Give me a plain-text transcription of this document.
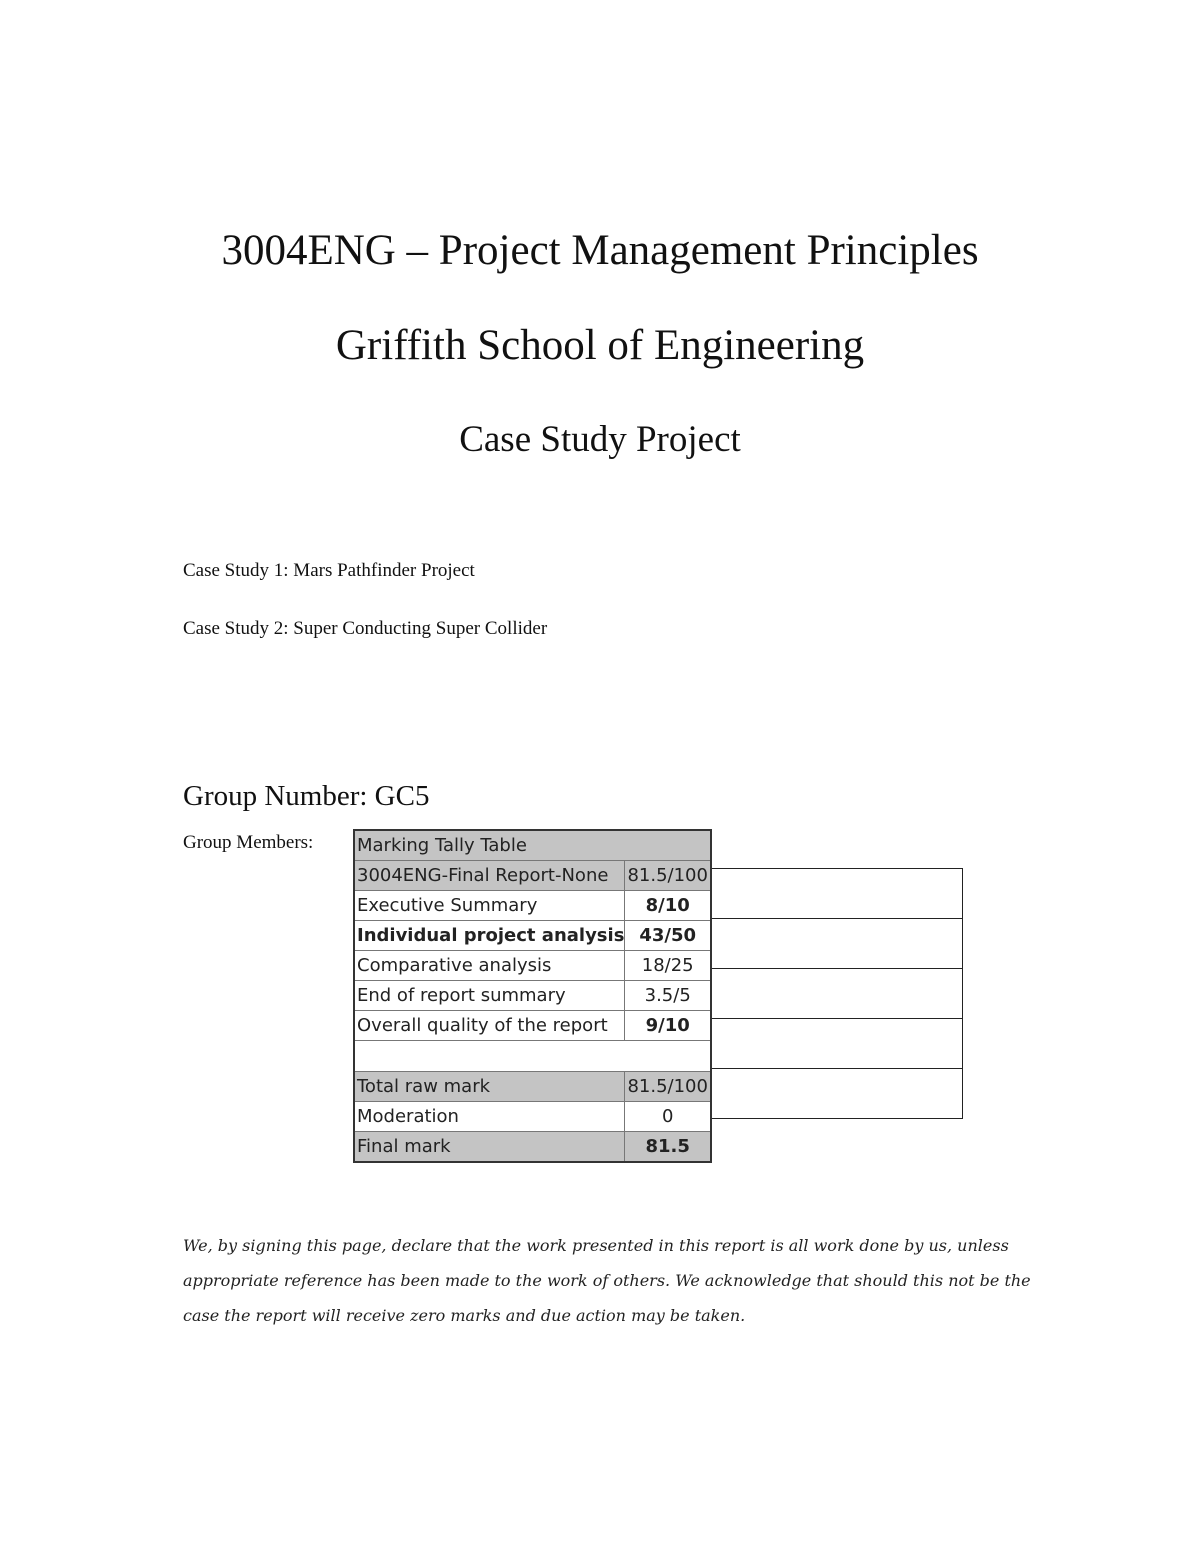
3004ENG – Project Management Principles
Griffith School of Engineering
Case Study Project
Case Study 1: Mars Pathfinder Project
Case Study 2: Super Conducting Super Collider
Group Number: GC5
Group Members: Marking Tally Table	
3004ENG-Final Report-None	81.5/100
Executive Summary	8/10
Individual project analysis	43/50
Comparative analysis	18/25
End of report summary	3.5/5
Overall quality of the report	9/10

Total raw mark	81.5/100
Moderation	0
Final mark	81.5

We, by signing this page, declare that the work presented in this report is all work done by us, unless appropriate reference has been made to the work of others. We acknowledge that should this not be the case the report will receive zero marks and due action may be taken.
